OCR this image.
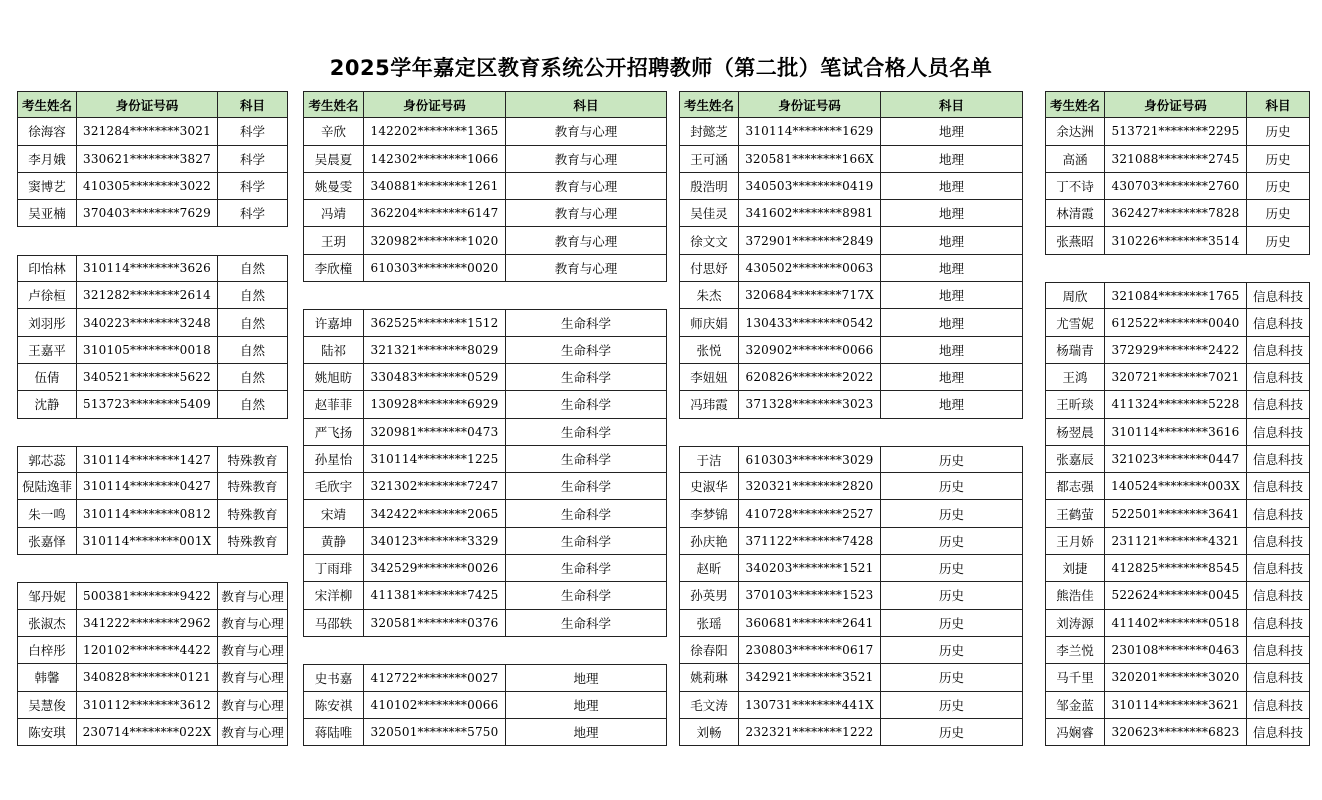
2025学年嘉定区教育系统公开招聘教师（第二批）笔试合格人员名单
考生姓名	身份证号码	科目
徐海容	321284********3021	科学
李月娥	330621********3827	科学
窦博艺	410305********3022	科学
吴亚楠	370403********7629	科学
印怡林	310114********3626	自然
卢徐桓	321282********2614	自然
刘羽彤	340223********3248	自然
王嘉平	310105********0018	自然
伍倩	340521********5622	自然
沈静	513723********5409	自然
郭芯蕊	310114********1427	特殊教育
倪陆逸菲 310114********0427	特殊教育
朱一鸣	310114********0812	特殊教育
张嘉怿	310114********001X	特殊教育
邹丹妮	500381********9422 教育与心理
张淑杰	341222********2962 教育与心理
白梓彤	120102********4422 教育与心理
韩馨	340828********0121 教育与心理
吴慧俊	310112********3612 教育与心理
陈安琪	230714********022X 教育与心理
考生姓名	身份证号码	科目
辛欣	142202********1365	教育与心理
吴晨夏	142302********1066	教育与心理
姚曼雯	340881********1261	教育与心理
冯靖	362204********6147	教育与心理
王玥	320982********1020	教育与心理
李欣橦	610303********0020	教育与心理
许嘉坤	362525********1512	生命科学
陆祁	321321********8029	生命科学
姚旭昉	330483********0529	生命科学
赵菲菲	130928********6929	生命科学
严飞扬	320981********0473	生命科学
孙星怡	310114********1225	生命科学
毛欣宇	321302********7247	生命科学
宋靖	342422********2065	生命科学
黄静	340123********3329	生命科学
丁雨琲	342529********0026	生命科学
宋洋柳	411381********7425	生命科学
马邵轶	320581********0376	生命科学
史书嘉	412722********0027	地理
陈安祺	410102********0066	地理
蒋陆唯	320501********5750	地理
考生姓名	身份证号码	科目
封懿芝	310114********1629	地理
王可涵	320581********166X	地理
殷浩明	340503********0419	地理
吴佳灵	341602********8981	地理
徐文文	372901********2849	地理
付思妤	430502********0063	地理
朱杰	320684********717X	地理
师庆娟	130433********0542	地理
张悦	320902********0066	地理
李妞妞	620826********2022	地理
冯玮霞	371328********3023	地理
于洁	610303********3029	历史
史淑华	320321********2820	历史
李梦锦	410728********2527	历史
孙庆艳	371122********7428	历史
赵昕	340203********1521	历史
孙英男	370103********1523	历史
张瑶	360681********2641	历史
徐春阳	230803********0617	历史
姚莉琳	342921********3521	历史
毛文涛	130731********441X	历史
刘畅	232321********1222	历史
考生姓名	身份证号码	科目
余达洲	513721********2295	历史
高涵	321088********2745	历史
丁不诗	430703********2760	历史
林清霞	362427********7828	历史
张燕昭	310226********3514	历史
周欣	321084********1765	信息科技
尤雪妮	612522********0040	信息科技
杨瑞青	372929********2422	信息科技
王鸿	320721********7021	信息科技
王昕琰	411324********5228	信息科技
杨翌晨	310114********3616	信息科技
张嘉辰	321023********0447	信息科技
都志强	140524********003X	信息科技
王鹤萤	522501********3641	信息科技
王月娇	231121********4321	信息科技
刘捷	412825********8545	信息科技
熊浩佳	522624********0045	信息科技
刘涛源	411402********0518	信息科技
李兰悦	230108********0463	信息科技
马千里	320201********3020	信息科技
邹金蓝	310114********3621	信息科技
冯娴睿	320623********6823	信息科技
